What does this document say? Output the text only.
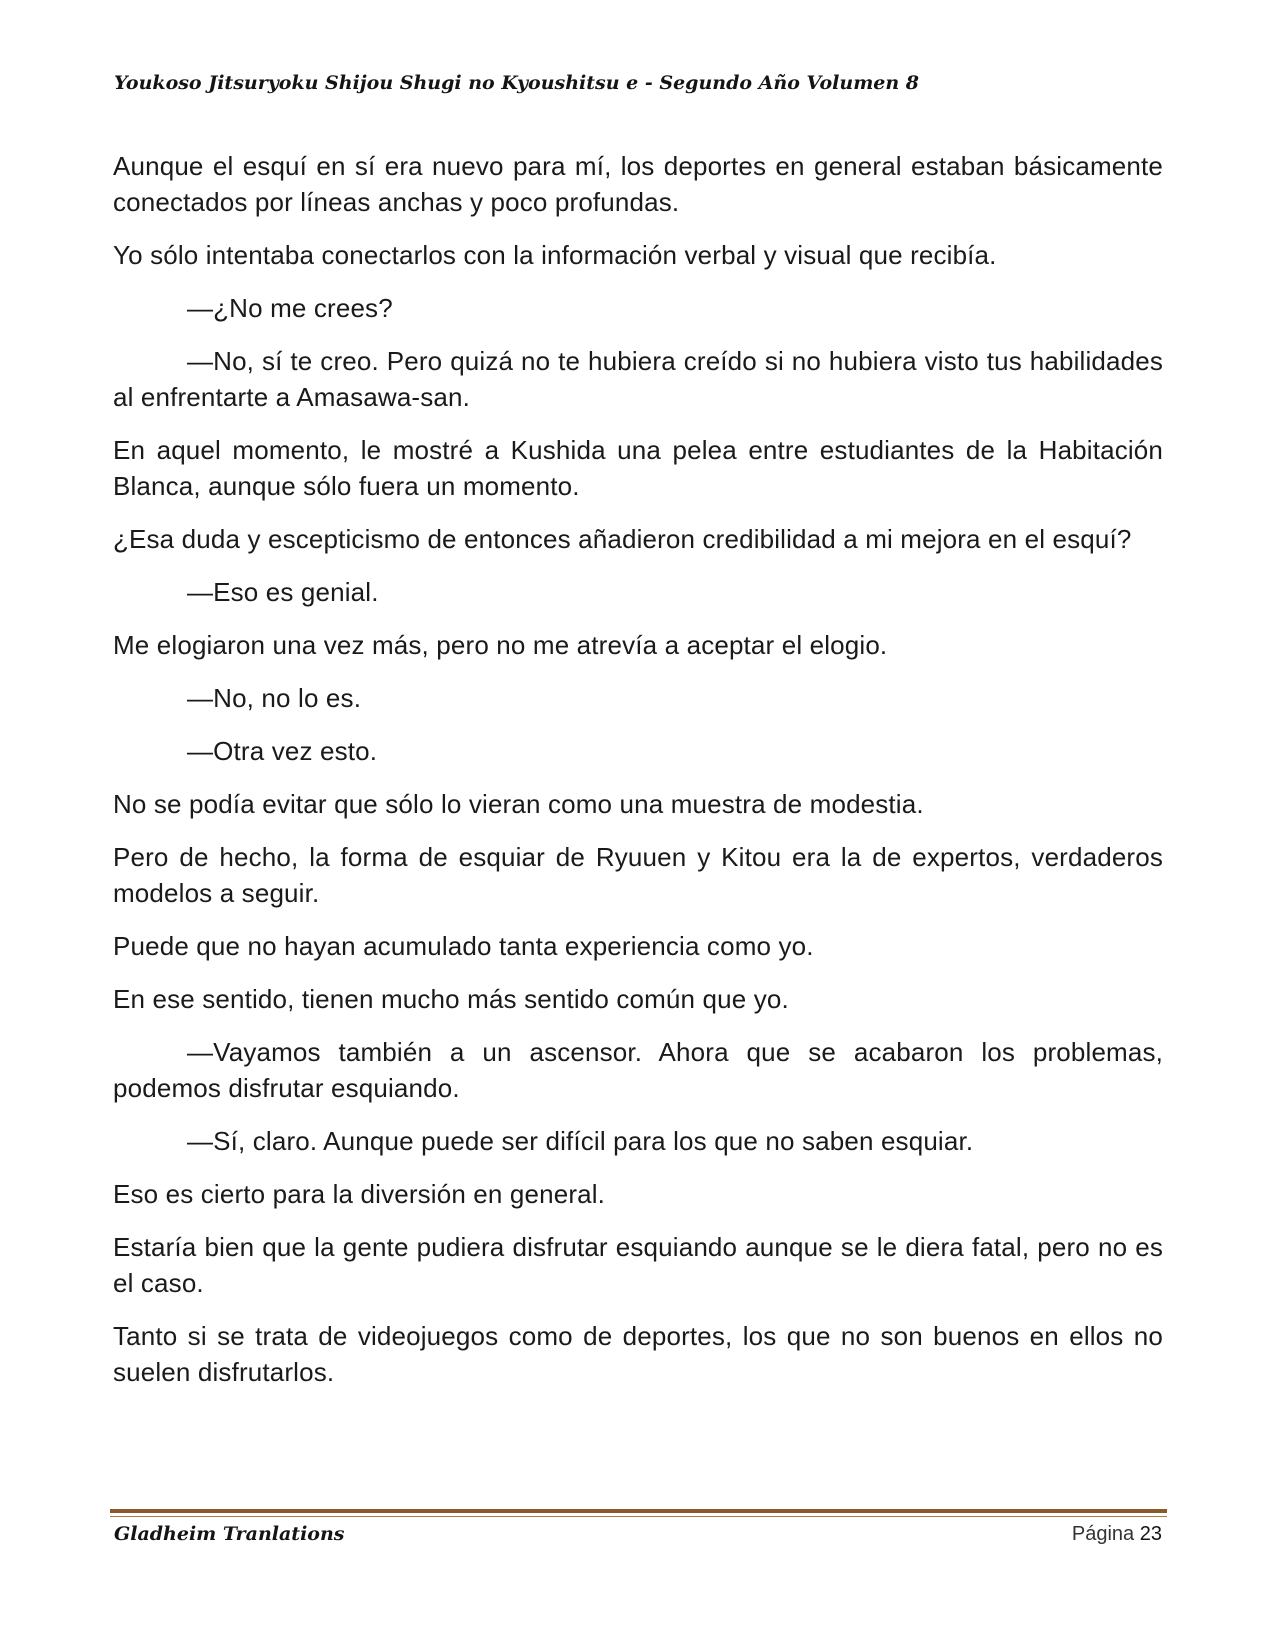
Youkoso Jitsuryoku Shijou Shugi no Kyoushitsu e - Segundo Año Volumen 8

Aunque el esquí en sí era nuevo para mí, los deportes en general estaban básicamente conectados por líneas anchas y poco profundas.

Yo sólo intentaba conectarlos con la información verbal y visual que recibía.

—¿No me crees?

—No, sí te creo. Pero quizá no te hubiera creído si no hubiera visto tus habilidades al enfrentarte a Amasawa-san.

En aquel momento, le mostré a Kushida una pelea entre estudiantes de la Habitación Blanca, aunque sólo fuera un momento.

¿Esa duda y escepticismo de entonces añadieron credibilidad a mi mejora en el esquí?

—Eso es genial.

Me elogiaron una vez más, pero no me atrevía a aceptar el elogio.

—No, no lo es.

—Otra vez esto.

No se podía evitar que sólo lo vieran como una muestra de modestia.

Pero de hecho, la forma de esquiar de Ryuuen y Kitou era la de expertos, verdaderos modelos a seguir.

Puede que no hayan acumulado tanta experiencia como yo.

En ese sentido, tienen mucho más sentido común que yo.

—Vayamos también a un ascensor. Ahora que se acabaron los problemas, podemos disfrutar esquiando.

—Sí, claro. Aunque puede ser difícil para los que no saben esquiar.

Eso es cierto para la diversión en general.

Estaría bien que la gente pudiera disfrutar esquiando aunque se le diera fatal, pero no es el caso.

Tanto si se trata de videojuegos como de deportes, los que no son buenos en ellos no suelen disfrutarlos.

Gladheim Tranlations	Página 23
